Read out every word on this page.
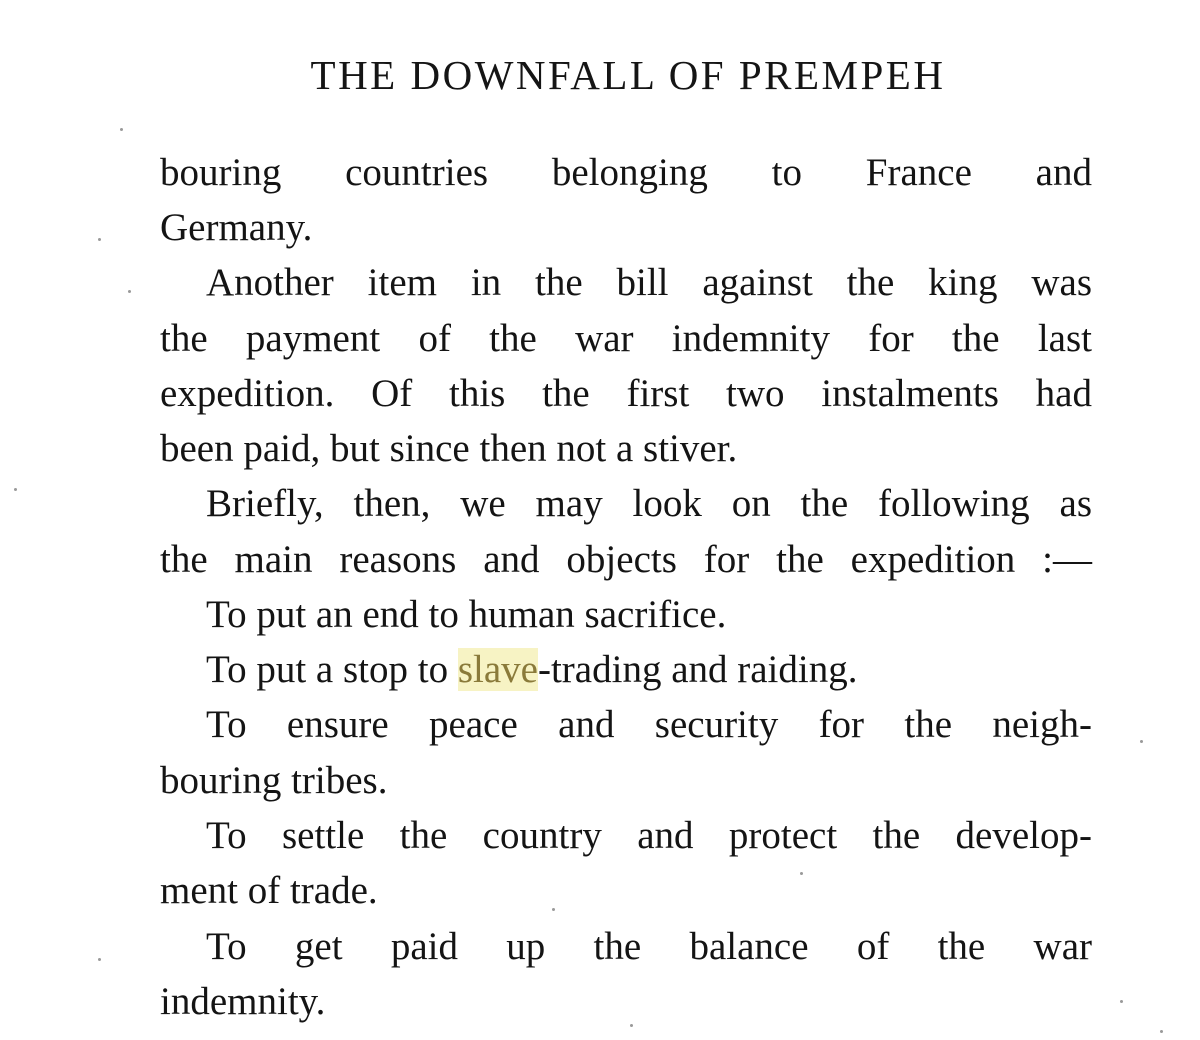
THE DOWNFALL OF PREMPEH
bouring countries belonging to France and
Germany.
Another item in the bill against the king was
the payment of the war indemnity for the last
expedition. Of this the first two instalments had
been paid, but since then not a stiver.
Briefly, then, we may look on the following as
the main reasons and objects for the expedition :—
To put an end to human sacrifice.
To put a stop to slave-trading and raiding.
To ensure peace and security for the neigh-
bouring tribes.
To settle the country and protect the develop-
ment of trade.
To get paid up the balance of the war
indemnity.
